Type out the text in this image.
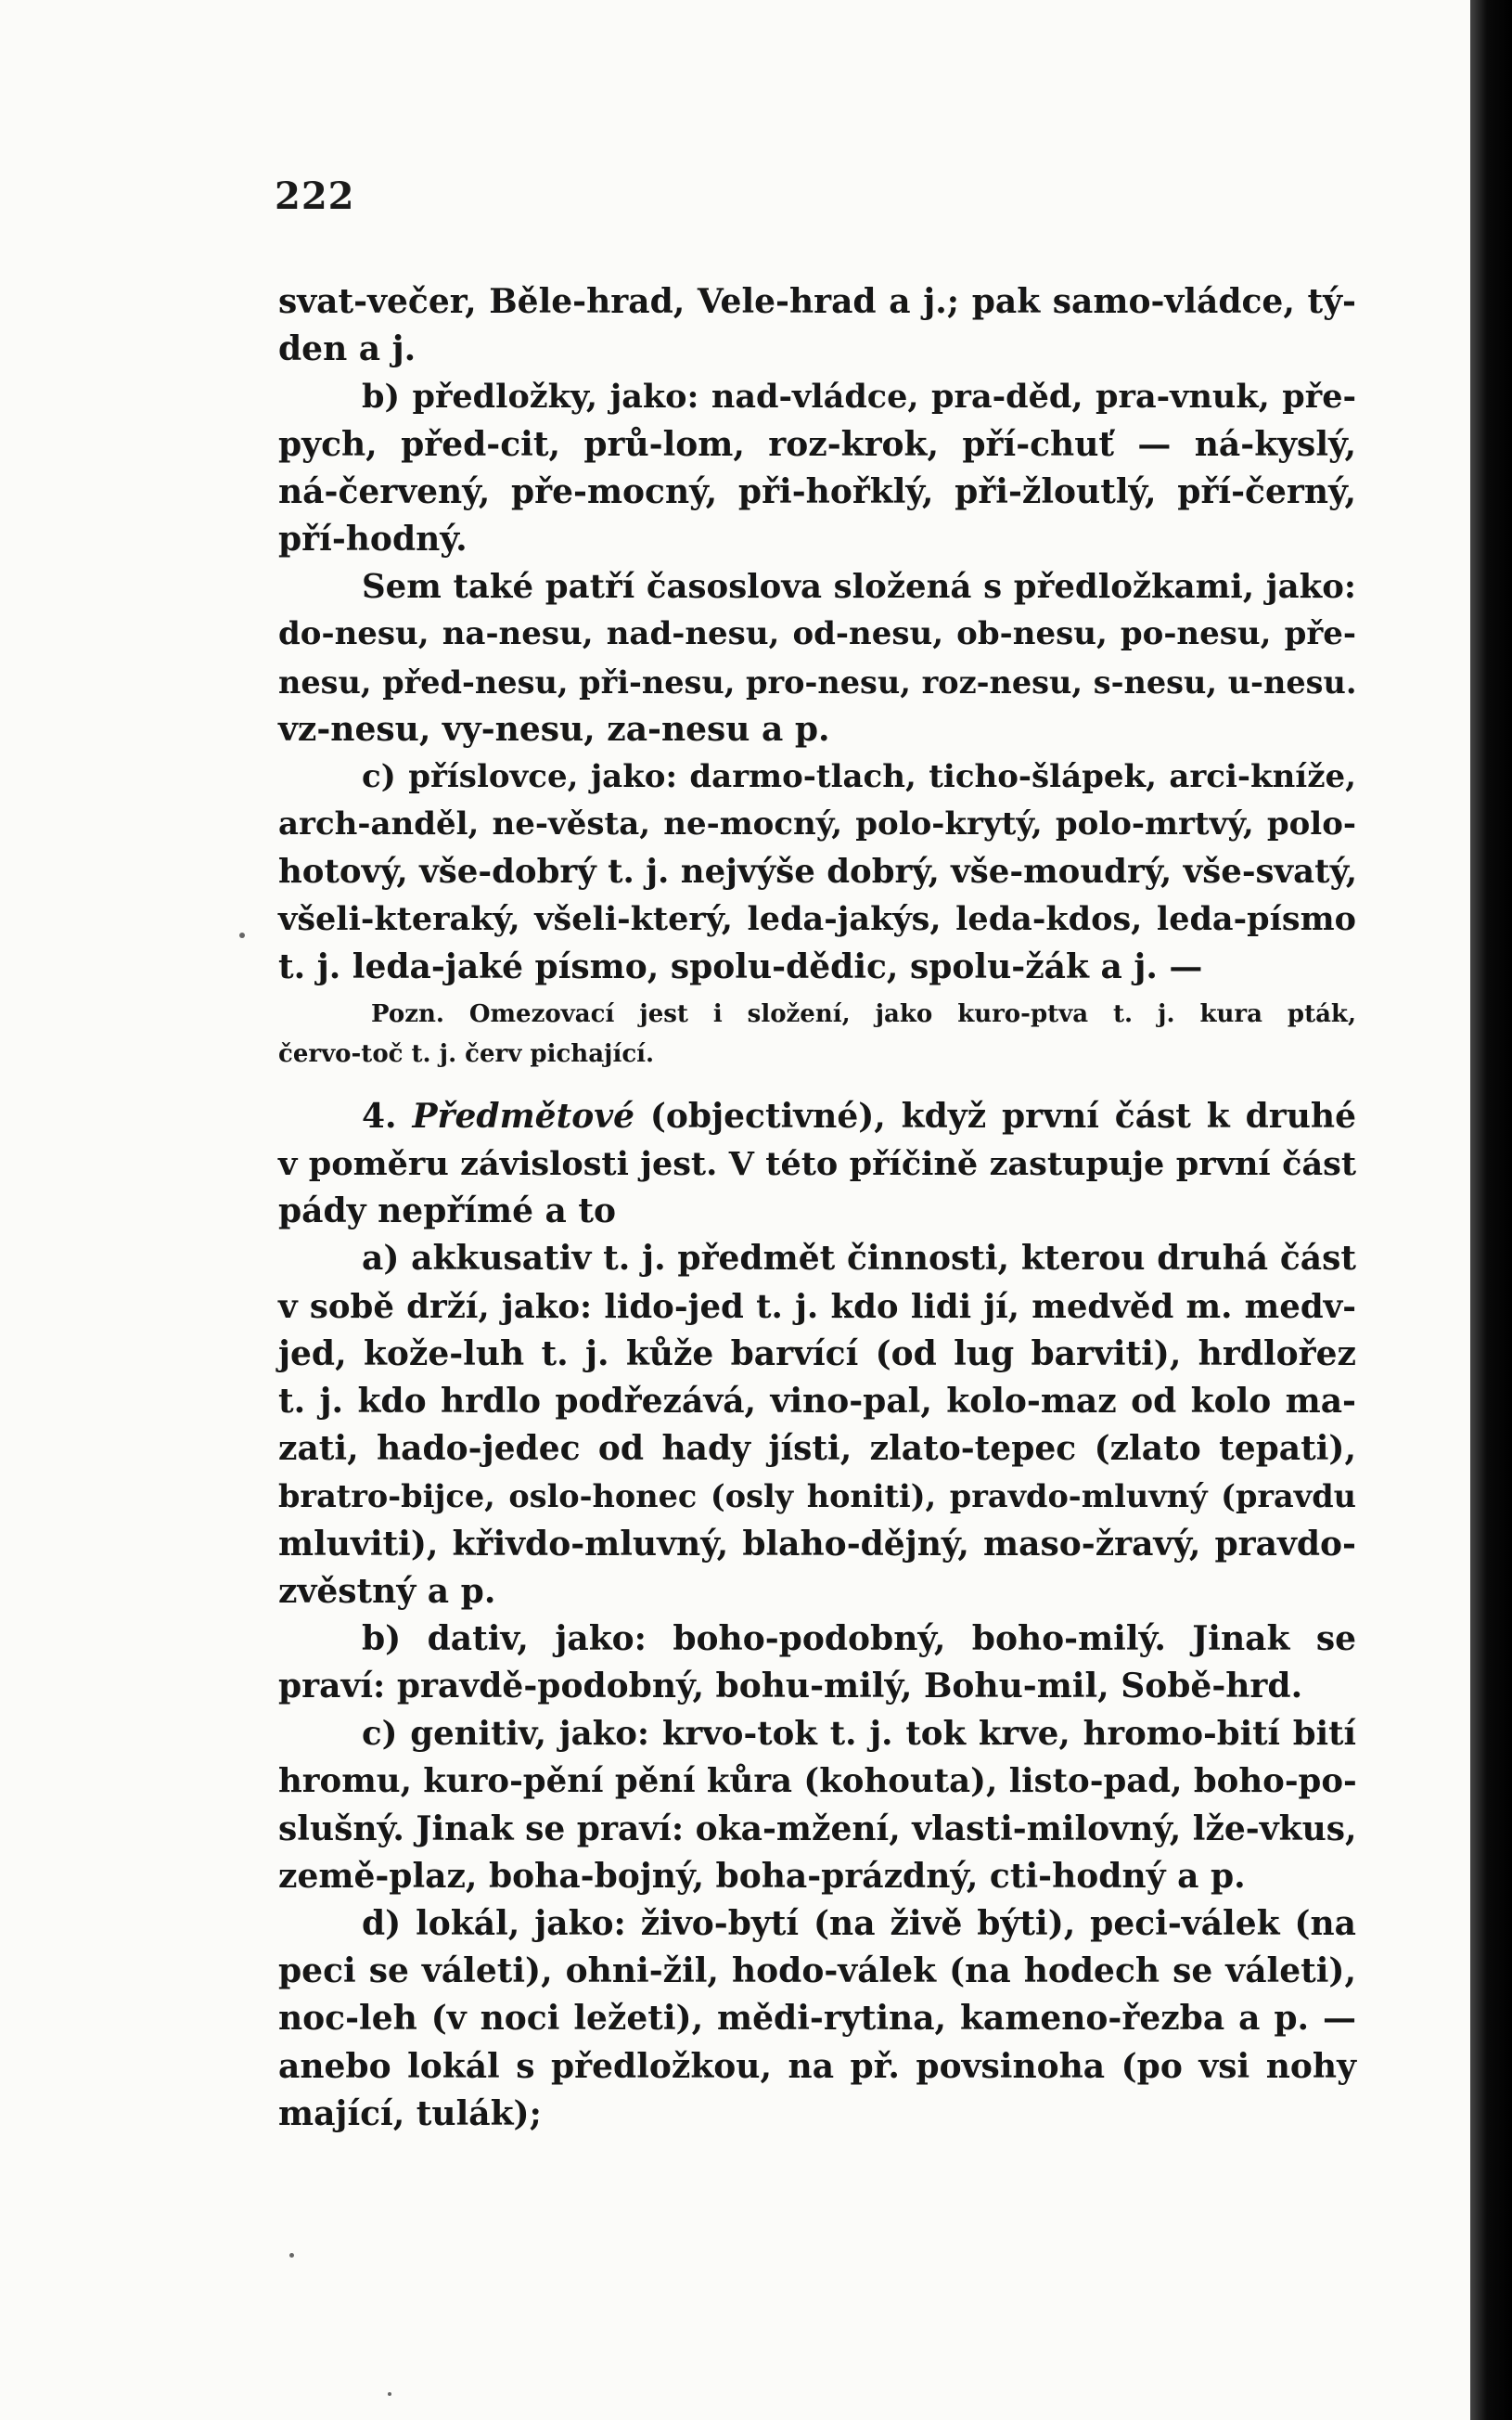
222
svat-večer, Běle-hrad, Vele-hrad a j.; pak samo-vládce, tý-
den a j.
b) předložky, jako: nad-vládce, pra-děd, pra-vnuk, pře-
pych, před-cit, prů-lom, roz-krok, pří-chuť — ná-kyslý,
ná-červený, pře-mocný, při-hořklý, při-žloutlý, pří-černý,
pří-hodný.
Sem také patří časoslova složená s předložkami, jako:
do-nesu, na-nesu, nad-nesu, od-nesu, ob-nesu, po-nesu, pře-
nesu, před-nesu, při-nesu, pro-nesu, roz-nesu, s-nesu, u-nesu.
vz-nesu, vy-nesu, za-nesu a p.
c) příslovce, jako: darmo-tlach, ticho-šlápek, arci-kníže,
arch-anděl, ne-věsta, ne-mocný, polo-krytý, polo-mrtvý, polo-
hotový, vše-dobrý t. j. nejvýše dobrý, vše-moudrý, vše-svatý,
všeli-kteraký, všeli-který, leda-jakýs, leda-kdos, leda-písmo
t. j. leda-jaké písmo, spolu-dědic, spolu-žák a j. —
Pozn. Omezovací jest i složení, jako kuro-ptva t. j. kura pták,
červo-toč t. j. červ pichající.
4. Předmětové (objectivné), když první část k druhé
v poměru závislosti jest. V této příčině zastupuje první část
pády nepřímé a to
a) akkusativ t. j. předmět činnosti, kterou druhá část
v sobě drží, jako: lido-jed t. j. kdo lidi jí, medvěd m. medv-
jed, kože-luh t. j. kůže barvící (od lug barviti), hrdlořez
t. j. kdo hrdlo podřezává, vino-pal, kolo-maz od kolo ma-
zati, hado-jedec od hady jísti, zlato-tepec (zlato tepati),
bratro-bijce, oslo-honec (osly honiti), pravdo-mluvný (pravdu
mluviti), křivdo-mluvný, blaho-dějný, maso-žravý, pravdo-
zvěstný a p.
b) dativ, jako: boho-podobný, boho-milý. Jinak se
praví: pravdě-podobný, bohu-milý, Bohu-mil, Sobě-hrd.
c) genitiv, jako: krvo-tok t. j. tok krve, hromo-bití bití
hromu, kuro-pění pění kůra (kohouta), listo-pad, boho-po-
slušný. Jinak se praví: oka-mžení, vlasti-milovný, lže-vkus,
země-plaz, boha-bojný, boha-prázdný, cti-hodný a p.
d) lokál, jako: živo-bytí (na živě býti), peci-válek (na
peci se váleti), ohni-žil, hodo-válek (na hodech se váleti),
noc-leh (v noci ležeti), mědi-rytina, kameno-řezba a p. —
anebo lokál s předložkou, na př. povsinoha (po vsi nohy
mající, tulák);
